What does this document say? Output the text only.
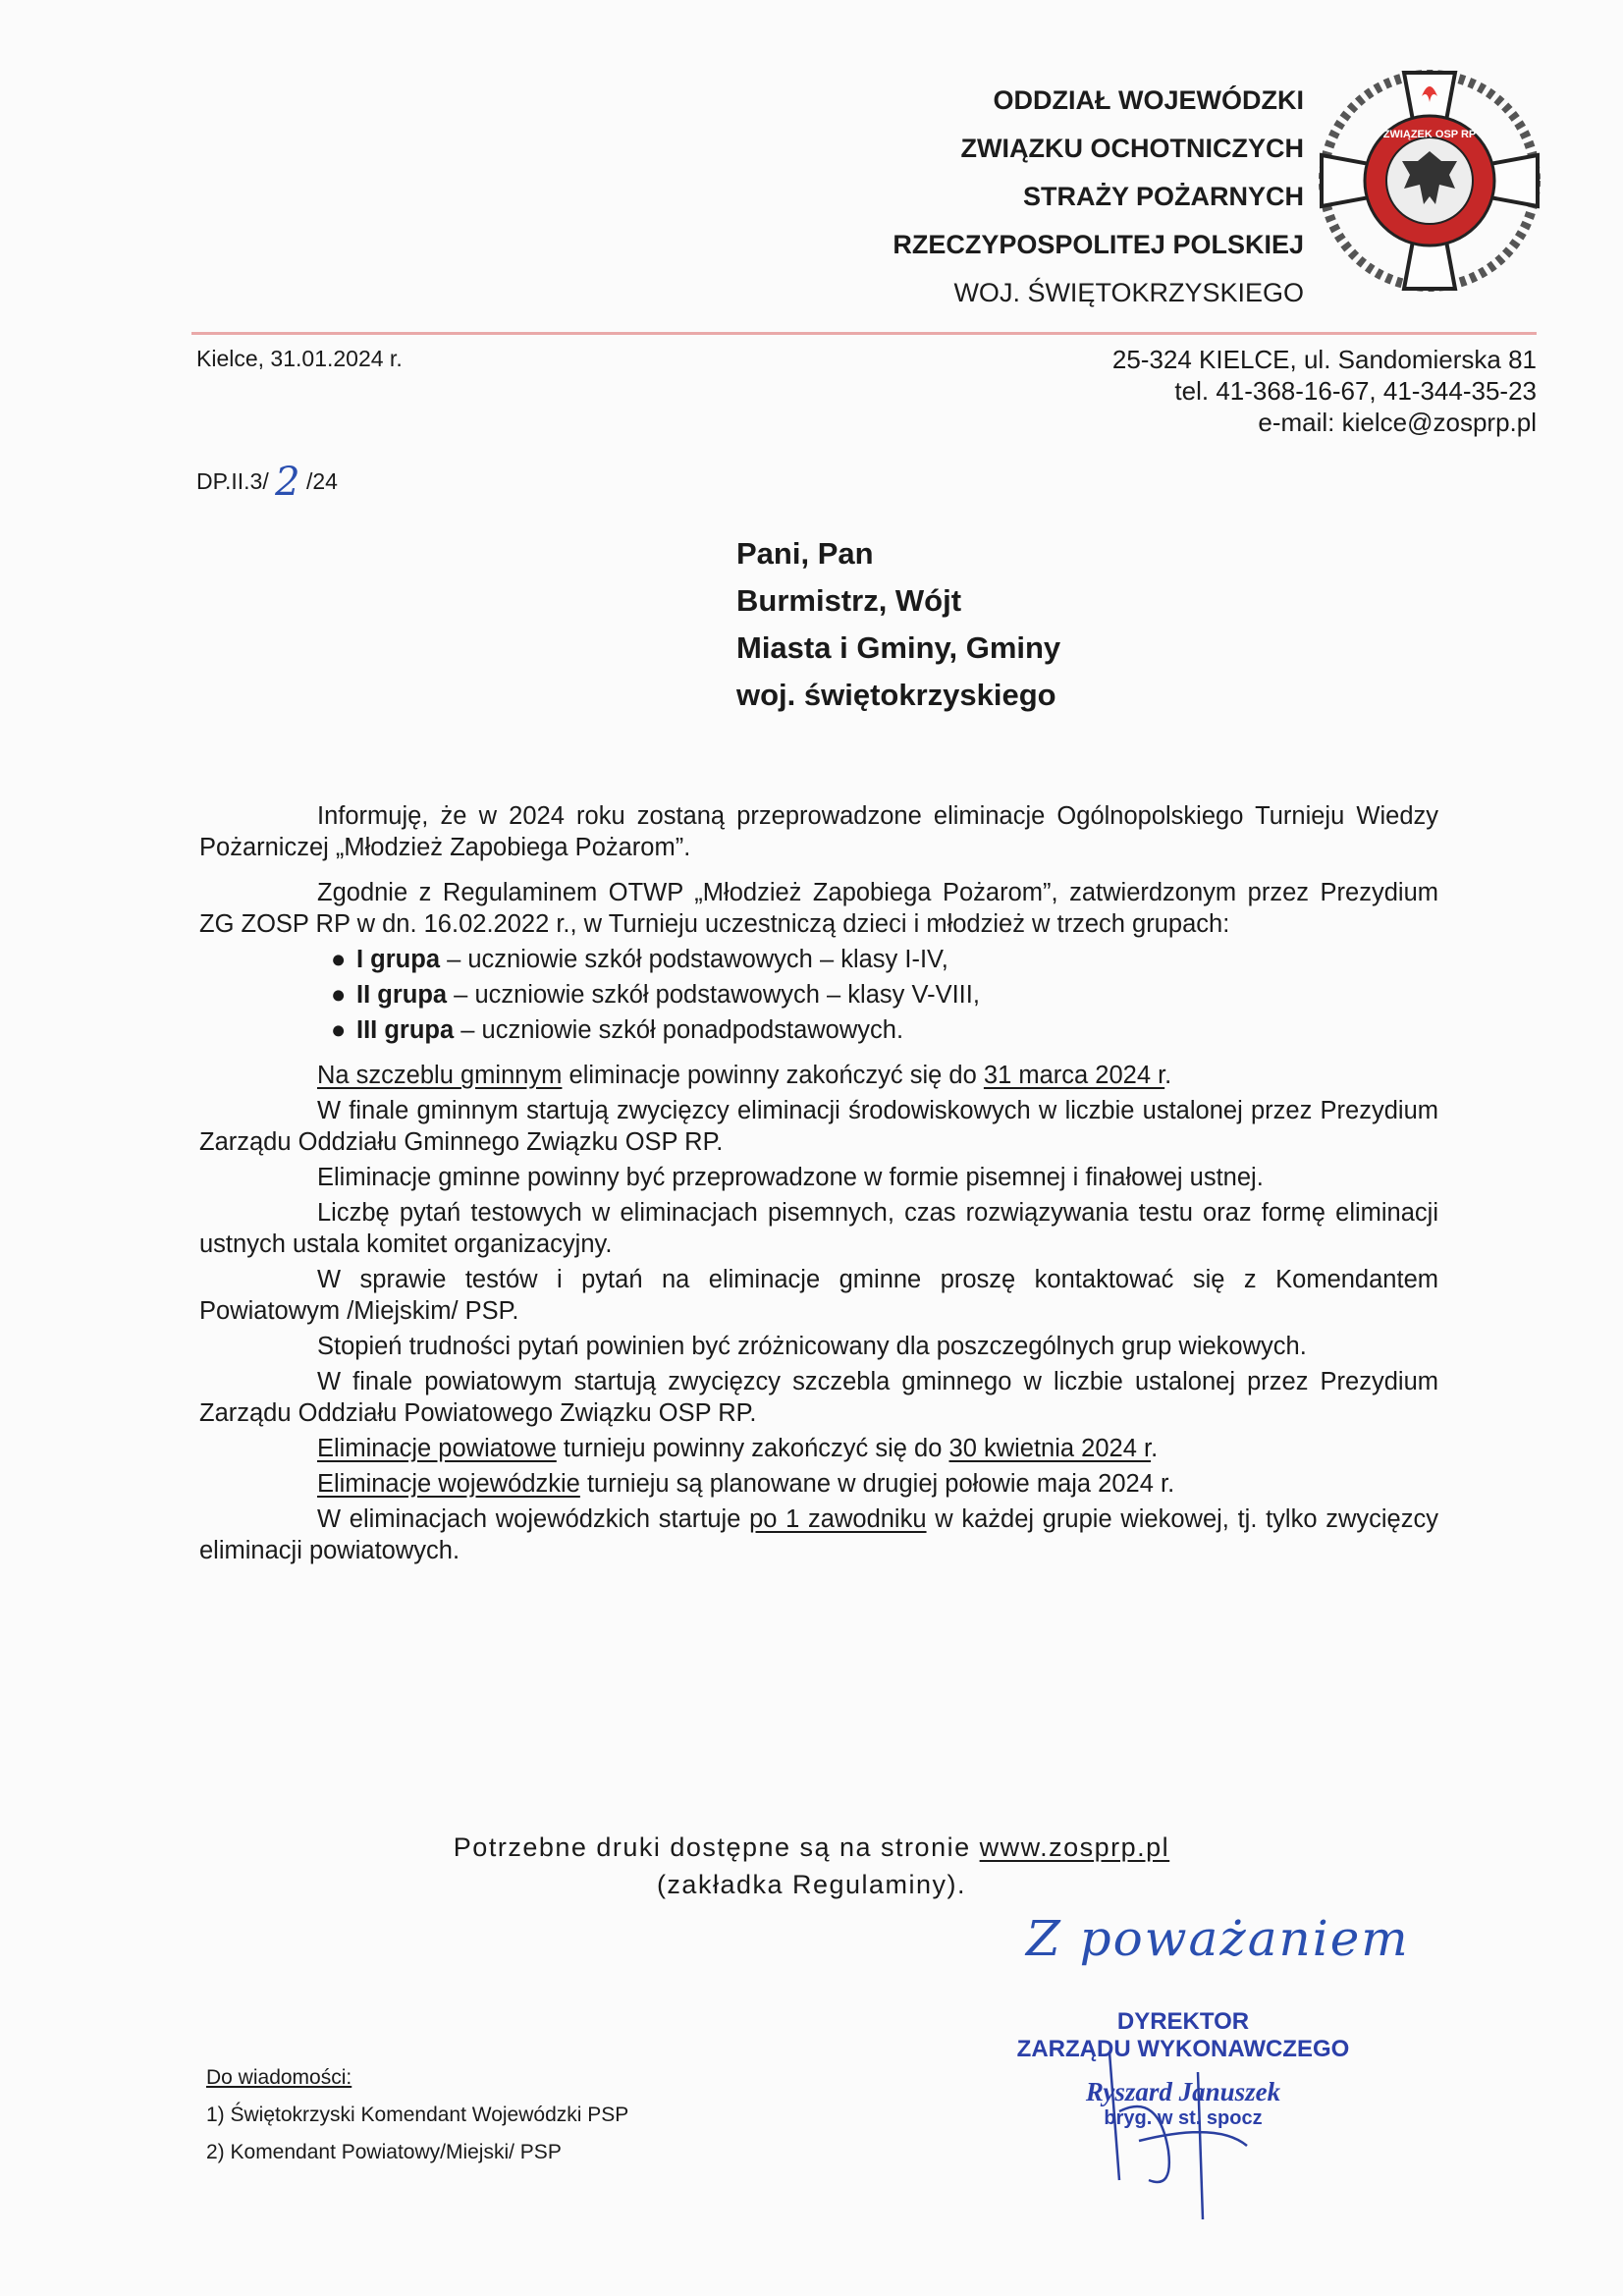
ODDZIAŁ WOJEWÓDZKI
ZWIĄZKU OCHOTNICZYCH
STRAŻY POŻARNYCH
RZECZYPOSPOLITEJ POLSKIEJ
WOJ. ŚWIĘTOKRZYSKIEGO
ZWIĄZEK OSP RP
Kielce, 31.01.2024 r.	25-324 KIELCE, ul. Sandomierska 81
tel. 41-368-16-67, 41-344-35-23
e-mail: kielce@zosprp.pl
DP.II.3/ 2 /24
Pani, Pan
Burmistrz, Wójt
Miasta i Gminy, Gminy
woj. świętokrzyskiego

Informuję, że w 2024 roku zostaną przeprowadzone eliminacje Ogólnopolskiego Turnieju Wiedzy Pożarniczej „Młodzież Zapobiega Pożarom”.

Zgodnie z Regulaminem OTWP „Młodzież Zapobiega Pożarom”, zatwierdzonym przez Prezydium ZG ZOSP RP w dn. 16.02.2022 r., w Turnieju uczestniczą dzieci i młodzież w trzech grupach:

● I grupa – uczniowie szkół podstawowych – klasy I-IV,
● II grupa – uczniowie szkół podstawowych – klasy V-VIII,
● III grupa – uczniowie szkół ponadpodstawowych.

Na szczeblu gminnym eliminacje powinny zakończyć się do 31 marca 2024 r.

W finale gminnym startują zwycięzcy eliminacji środowiskowych w liczbie ustalonej przez Prezydium Zarządu Oddziału Gminnego Związku OSP RP.

Eliminacje gminne powinny być przeprowadzone w formie pisemnej i finałowej ustnej.

Liczbę pytań testowych w eliminacjach pisemnych, czas rozwiązywania testu oraz formę eliminacji ustnych ustala komitet organizacyjny.

W sprawie testów i pytań na eliminacje gminne proszę kontaktować się z Komendantem Powiatowym /Miejskim/ PSP.

Stopień trudności pytań powinien być zróżnicowany dla poszczególnych grup wiekowych.

W finale powiatowym startują zwycięzcy szczebla gminnego w liczbie ustalonej przez Prezydium Zarządu Oddziału Powiatowego Związku OSP RP.

Eliminacje powiatowe turnieju powinny zakończyć się do 30 kwietnia 2024 r.

Eliminacje wojewódzkie turnieju są planowane w drugiej połowie maja 2024 r.

W eliminacjach wojewódzkich startuje po 1 zawodniku w każdej grupie wiekowej, tj. tylko zwycięzcy eliminacji powiatowych.

Potrzebne druki dostępne są na stronie www.zosprp.pl
(zakładka Regulaminy).
Z poważaniem
DYREKTOR
ZARZĄDU WYKONAWCZEGO
Ryszard Januszek
bryg. w st. spocz
Do wiadomości:
1) Świętokrzyski Komendant Wojewódzki PSP
2) Komendant Powiatowy/Miejski/ PSP
